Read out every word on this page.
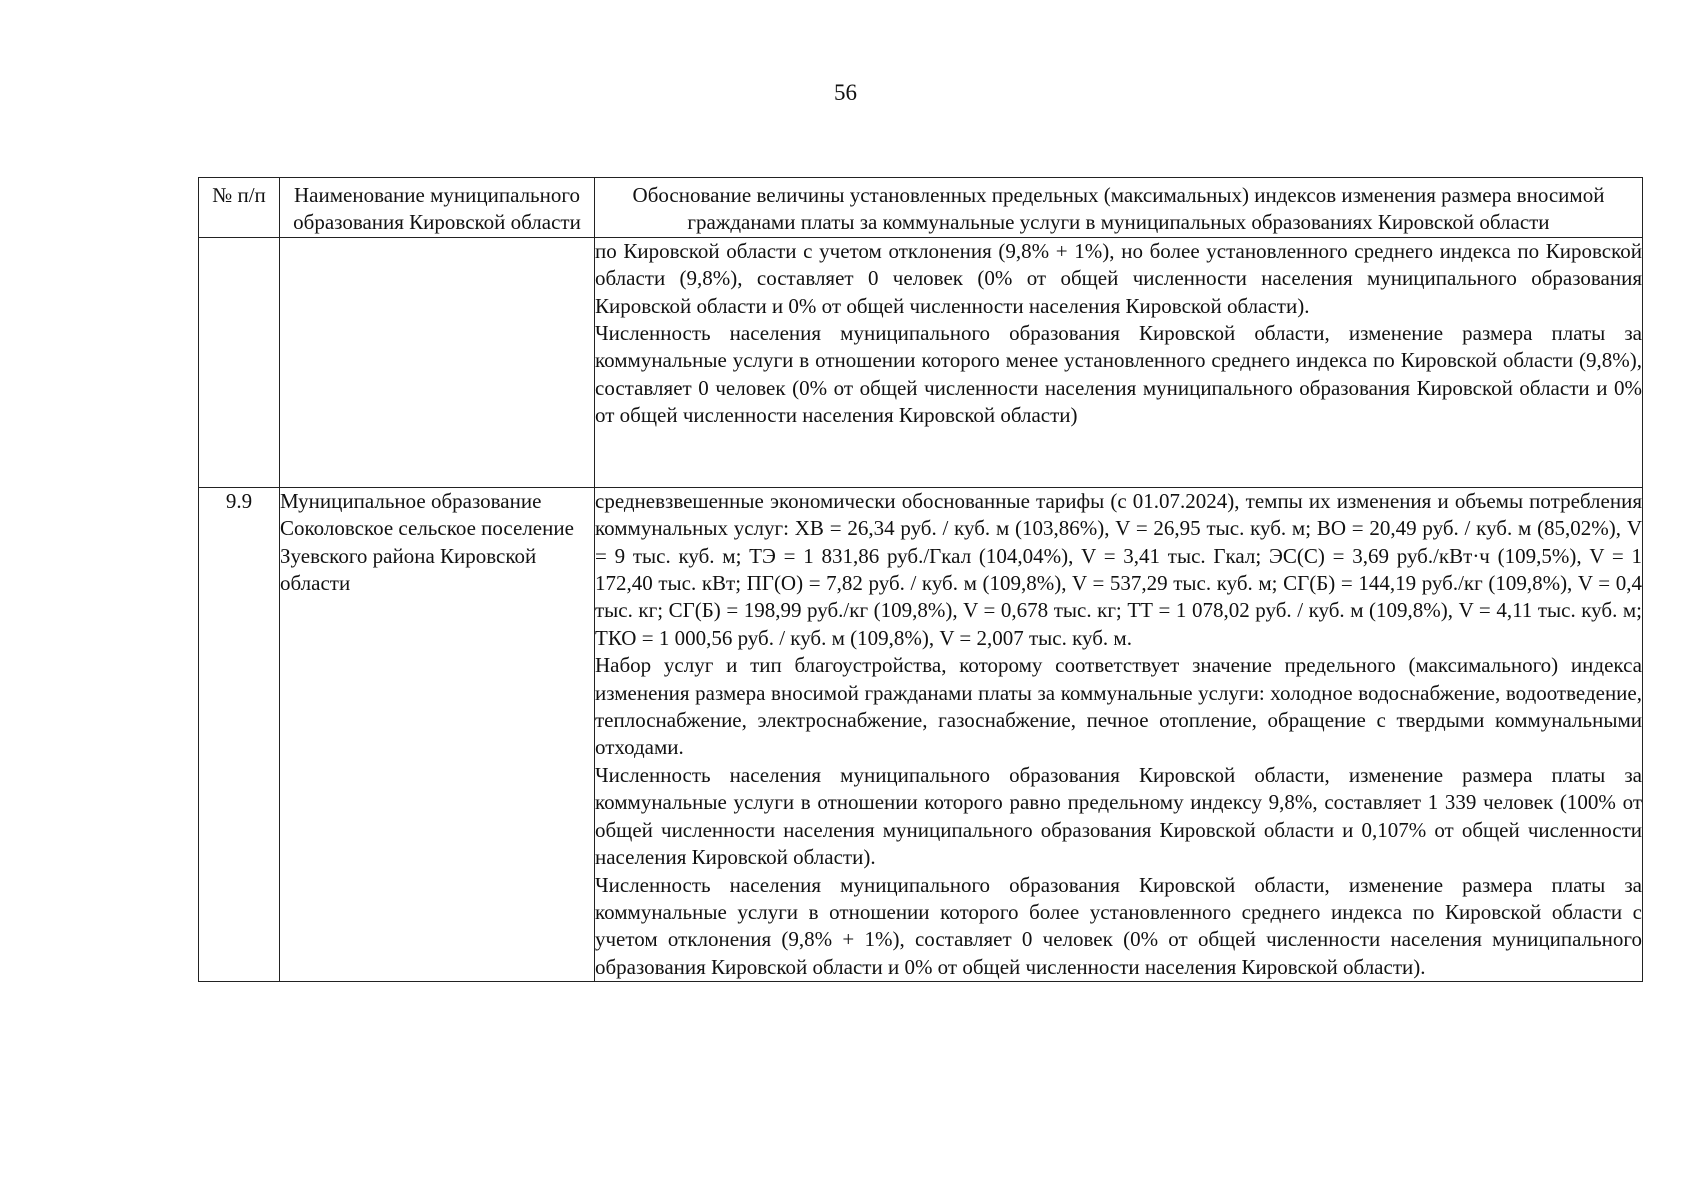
56
№ п/п	Наименование муниципального образования Кировской области	Обоснование величины установленных предельных (максимальных) индексов изменения размера вносимой гражданами платы за коммунальные услуги в муниципальных образованиях Кировской области

		по Кировской области с учетом отклонения (9,8% + 1%), но более установленного среднего индекса по Кировской области (9,8%), составляет 0 человек (0% от общей численности населения муниципального образования Кировской области и 0% от общей численности населения Кировской области).

Численность населения муниципального образования Кировской области, изменение размера платы за коммунальные услуги в отношении которого менее установленного среднего индекса по Кировской области (9,8%), составляет 0 человек (0% от общей численности населения муниципального образования Кировской области и 0% от общей численности населения Кировской области)

9.9	Муниципальное образование Соколовское сельское поселение Зуевского района Кировской области	средневзвешенные экономически обоснованные тарифы (с 01.07.2024), темпы их изменения и объемы потребления коммунальных услуг: ХВ = 26,34 руб. / куб. м (103,86%), V = 26,95 тыс. куб. м; ВО = 20,49 руб. / куб. м (85,02%), V = 9 тыс. куб. м; ТЭ = 1 831,86 руб./Гкал (104,04%), V = 3,41 тыс. Гкал; ЭС(С) = 3,69 руб./кВт·ч (109,5%), V = 1 172,40 тыс. кВт; ПГ(О) = 7,82 руб. / куб. м (109,8%), V = 537,29 тыс. куб. м; СГ(Б) = 144,19 руб./кг (109,8%), V = 0,4 тыс. кг; СГ(Б) = 198,99 руб./кг (109,8%), V = 0,678 тыс. кг; ТТ = 1 078,02 руб. / куб. м (109,8%), V = 4,11 тыс. куб. м; ТКО = 1 000,56 руб. / куб. м (109,8%), V = 2,007 тыс. куб. м.

Набор услуг и тип благоустройства, которому соответствует значение предельного (максимального) индекса изменения размера вносимой гражданами платы за коммунальные услуги: холодное водоснабжение, водоотведение, теплоснабжение, электроснабжение, газоснабжение, печное отопление, обращение с твердыми коммунальными отходами.

Численность населения муниципального образования Кировской области, изменение размера платы за коммунальные услуги в отношении которого равно предельному индексу 9,8%, составляет 1 339 человек (100% от общей численности населения муниципального образования Кировской области и 0,107% от общей численности населения Кировской области).

Численность населения муниципального образования Кировской области, изменение размера платы за коммунальные услуги в отношении которого более установленного среднего индекса по Кировской области с учетом отклонения (9,8% + 1%), составляет 0 человек (0% от общей численности населения муниципального образования Кировской области и 0% от общей численности населения Кировской области).
